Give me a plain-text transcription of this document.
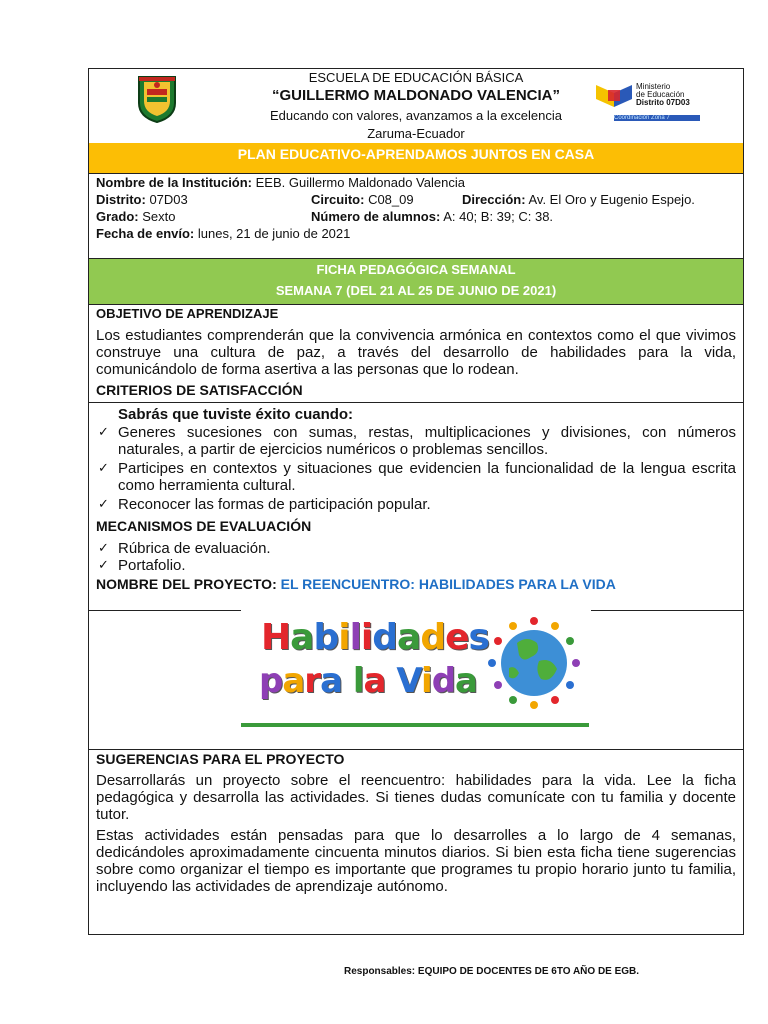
ESCUELA DE EDUCACIÓN BÁSICA
“GUILLERMO MALDONADO VALENCIA”
Educando con valores, avanzamos a la excelencia
Zaruma-Ecuador
Ministerio
de Educación
Distrito 07D03
Coordinación Zona 7
PLAN EDUCATIVO-APRENDAMOS JUNTOS EN CASA
Nombre de la Institución: EEB. Guillermo Maldonado Valencia
Distrito: 07D03	Circuito: C08_09	Dirección: Av. El Oro y Eugenio Espejo.
Grado: Sexto	Número de alumnos: A: 40; B: 39; C: 38.
Fecha de envío: lunes, 21 de junio de 2021
FICHA PEDAGÓGICA SEMANAL
SEMANA 7 (DEL 21 AL 25 DE JUNIO DE 2021)
OBJETIVO DE APRENDIZAJE
Los estudiantes comprenderán que la convivencia armónica en contextos como el que vivimos construye una cultura de paz, a través del desarrollo de habilidades para la vida, comunicándolo de forma asertiva a las personas que lo rodean.
CRITERIOS DE SATISFACCIÓN
Sabrás que tuviste éxito cuando:
✓ Generes sucesiones con sumas, restas, multiplicaciones y divisiones, con números naturales, a partir de ejercicios numéricos o problemas sencillos.
✓ Participes en contextos y situaciones que evidencien la funcionalidad de la lengua escrita como herramienta cultural.
✓ Reconocer las formas de participación popular.
MECANISMOS DE EVALUACIÓN
✓ Rúbrica de evaluación.
✓ Portafolio.
NOMBRE DEL PROYECTO: EL REENCUENTRO: HABILIDADES PARA LA VIDA
Habilidades
para la Vida
SUGERENCIAS PARA EL PROYECTO
Desarrollarás un proyecto sobre el reencuentro: habilidades para la vida. Lee la ficha pedagógica y desarrolla las actividades. Si tienes dudas comunícate con tu familia y docente tutor.
Estas actividades están pensadas para que lo desarrolles a lo largo de 4 semanas, dedicándoles aproximadamente cincuenta minutos diarios. Si bien esta ficha tiene sugerencias sobre como organizar el tiempo es importante que programes tu propio horario junto tu familia, incluyendo las actividades de aprendizaje autónomo.
Responsables: EQUIPO DE DOCENTES DE 6TO AÑO DE EGB.
